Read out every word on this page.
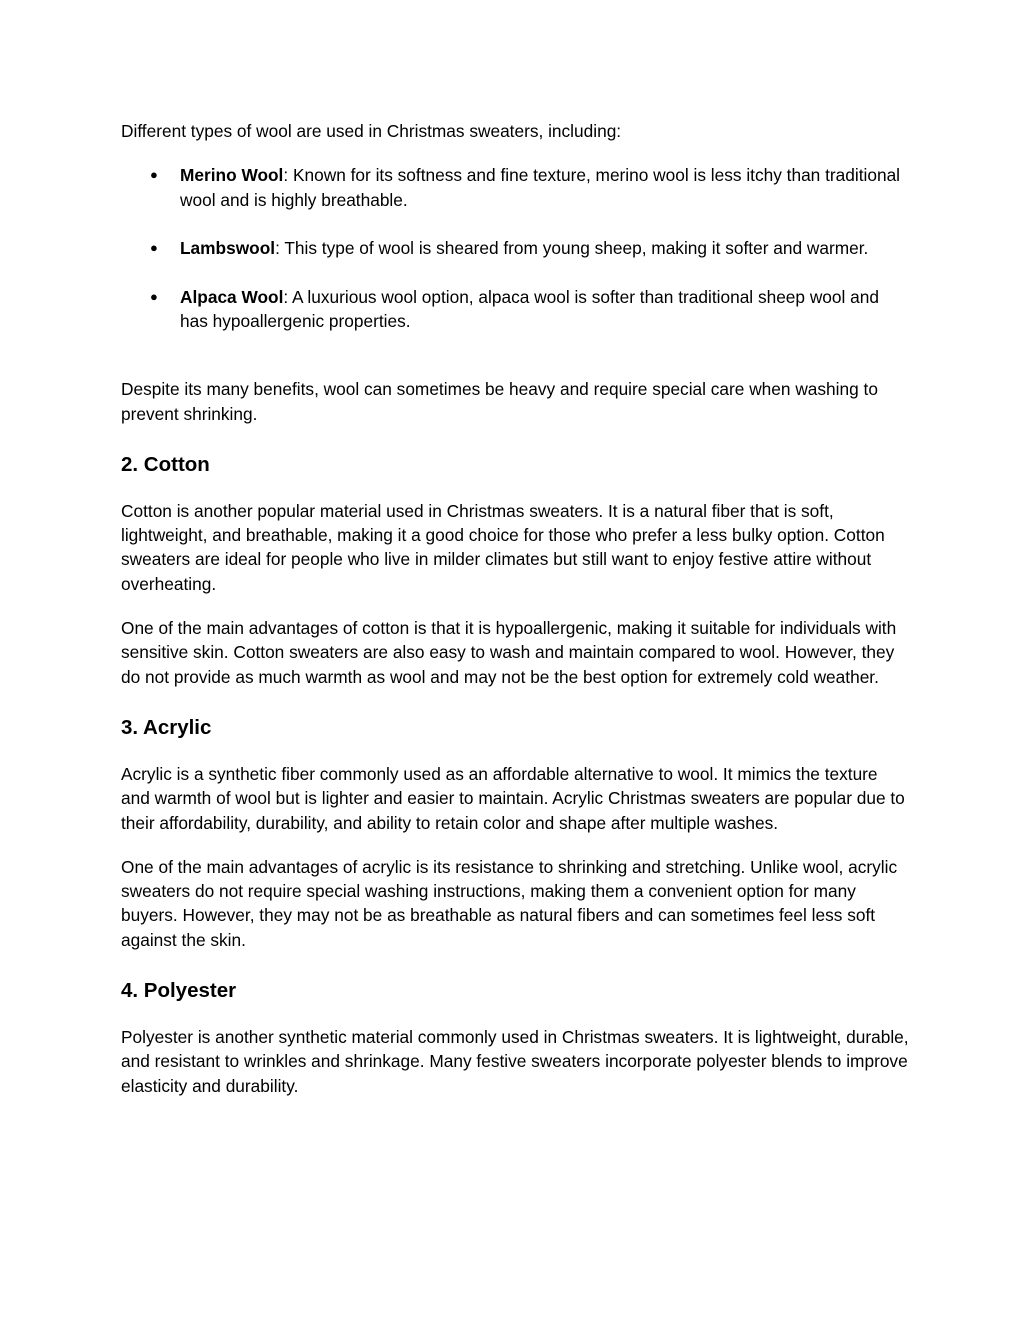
Different types of wool are used in Christmas sweaters, including:

● Merino Wool: Known for its softness and fine texture, merino wool is less itchy than traditional wool and is highly breathable.
● Lambswool: This type of wool is sheared from young sheep, making it softer and warmer.
● Alpaca Wool: A luxurious wool option, alpaca wool is softer than traditional sheep wool and has hypoallergenic properties.

Despite its many benefits, wool can sometimes be heavy and require special care when washing to prevent shrinking.

2. Cotton

Cotton is another popular material used in Christmas sweaters. It is a natural fiber that is soft, lightweight, and breathable, making it a good choice for those who prefer a less bulky option. Cotton sweaters are ideal for people who live in milder climates but still want to enjoy festive attire without overheating.

One of the main advantages of cotton is that it is hypoallergenic, making it suitable for individuals with sensitive skin. Cotton sweaters are also easy to wash and maintain compared to wool. However, they do not provide as much warmth as wool and may not be the best option for extremely cold weather.

3. Acrylic

Acrylic is a synthetic fiber commonly used as an affordable alternative to wool. It mimics the texture and warmth of wool but is lighter and easier to maintain. Acrylic Christmas sweaters are popular due to their affordability, durability, and ability to retain color and shape after multiple washes.

One of the main advantages of acrylic is its resistance to shrinking and stretching. Unlike wool, acrylic sweaters do not require special washing instructions, making them a convenient option for many buyers. However, they may not be as breathable as natural fibers and can sometimes feel less soft against the skin.

4. Polyester

Polyester is another synthetic material commonly used in Christmas sweaters. It is lightweight, durable, and resistant to wrinkles and shrinkage. Many festive sweaters incorporate polyester blends to improve elasticity and durability.
